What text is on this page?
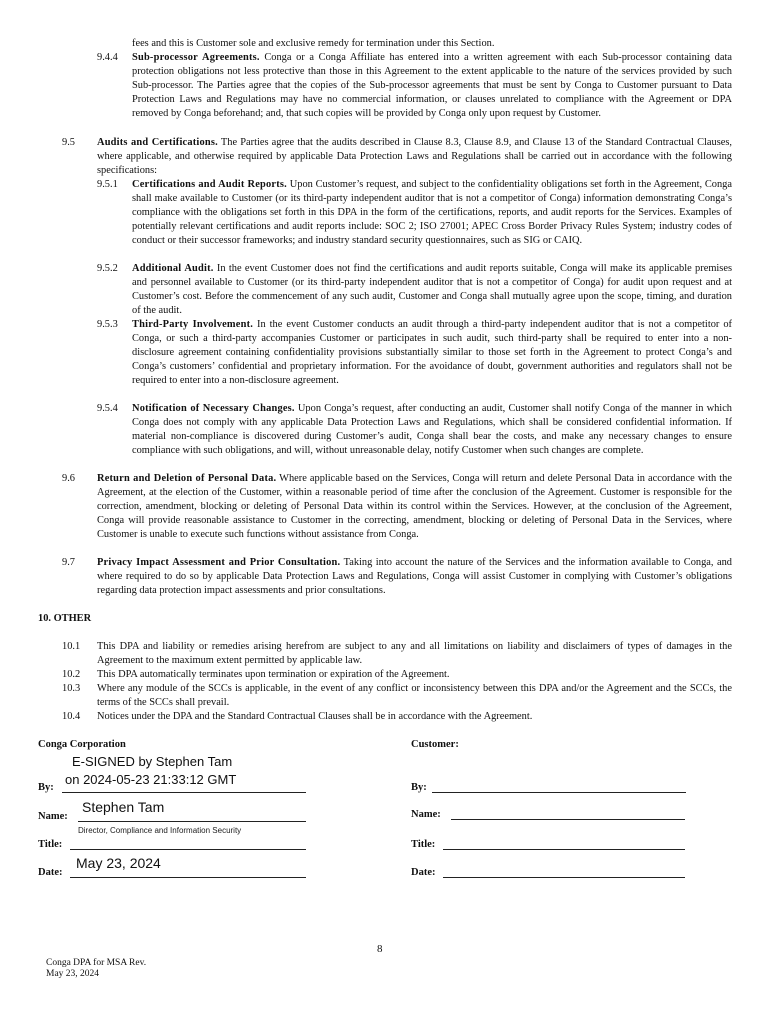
fees and this is Customer sole and exclusive remedy for termination under this Section.

9.4.4 Sub-processor Agreements. Conga or a Conga Affiliate has entered into a written agreement with each Sub-processor containing data protection obligations not less protective than those in this Agreement to the extent applicable to the nature of the services provided by such Sub-processor. The Parties agree that the copies of the Sub-processor agreements that must be sent by Conga to Customer pursuant to Data Protection Laws and Regulations may have no commercial information, or clauses unrelated to compliance with the Agreement or DPA removed by Conga beforehand; and, that such copies will be provided by Conga only upon request by Customer.

9.5 Audits and Certifications. The Parties agree that the audits described in Clause 8.3, Clause 8.9, and Clause 13 of the Standard Contractual Clauses, where applicable, and otherwise required by applicable Data Protection Laws and Regulations shall be carried out in accordance with the following specifications:

9.5.1 Certifications and Audit Reports. Upon Customer’s request, and subject to the confidentiality obligations set forth in the Agreement, Conga shall make available to Customer (or its third-party independent auditor that is not a competitor of Conga) information demonstrating Conga’s compliance with the obligations set forth in this DPA in the form of the certifications, reports, and audit reports for the Services. Examples of potentially relevant certifications and audit reports include: SOC 2; ISO 27001; APEC Cross Border Privacy Rules System; industry codes of conduct or their successor frameworks; and industry standard security questionnaires, such as SIG or CAIQ.

9.5.2 Additional Audit. In the event Customer does not find the certifications and audit reports suitable, Conga will make its applicable premises and personnel available to Customer (or its third-party independent auditor that is not a competitor of Conga) for audit upon request and at Customer’s cost. Before the commencement of any such audit, Customer and Conga shall mutually agree upon the scope, timing, and duration of the audit.

9.5.3 Third-Party Involvement. In the event Customer conducts an audit through a third-party independent auditor that is not a competitor of Conga, or such a third-party accompanies Customer or participates in such audit, such third-party shall be required to enter into a non-disclosure agreement containing confidentiality provisions substantially similar to those set forth in the Agreement to protect Conga’s and Conga’s customers’ confidential and proprietary information. For the avoidance of doubt, government authorities and regulators shall not be required to enter into a non-disclosure agreement.

9.5.4 Notification of Necessary Changes. Upon Conga’s request, after conducting an audit, Customer shall notify Conga of the manner in which Conga does not comply with any applicable Data Protection Laws and Regulations, which shall be considered confidential information. If material non-compliance is discovered during Customer’s audit, Conga shall bear the costs, and make any necessary changes to ensure compliance with such obligations, and will, without unreasonable delay, notify Customer when such changes are complete.

9.6 Return and Deletion of Personal Data. Where applicable based on the Services, Conga will return and delete Personal Data in accordance with the Agreement, at the election of the Customer, within a reasonable period of time after the conclusion of the Agreement. Customer is responsible for the correction, amendment, blocking or deleting of Personal Data within its control within the Services. However, at the conclusion of the Agreement, Conga will provide reasonable assistance to Customer in the correcting, amendment, blocking or deleting of Personal Data in the Services, where Customer is unable to execute such functions without assistance from Conga.

9.7 Privacy Impact Assessment and Prior Consultation. Taking into account the nature of the Services and the information available to Conga, and where required to do so by applicable Data Protection Laws and Regulations, Conga will assist Customer in complying with Customer’s obligations regarding data protection impact assessments and prior consultations.

10. OTHER

10.1 This DPA and liability or remedies arising herefrom are subject to any and all limitations on liability and disclaimers of types of damages in the Agreement to the maximum extent permitted by applicable law.

10.2 This DPA automatically terminates upon termination or expiration of the Agreement.

10.3 Where any module of the SCCs is applicable, in the event of any conflict or inconsistency between this DPA and/or the Agreement and the SCCs, the terms of the SCCs shall prevail.

10.4 Notices under the DPA and the Standard Contractual Clauses shall be in accordance with the Agreement.

Conga Corporation
E-SIGNED by Stephen Tam
on 2024-05-23 21:33:12 GMT
By:
Stephen Tam
Name:
Director, Compliance and Information Security
Title:
May 23, 2024
Date:
Customer:
By:
Name:
Title:
Date:
8
Conga DPA for MSA Rev.
May 23, 2024
